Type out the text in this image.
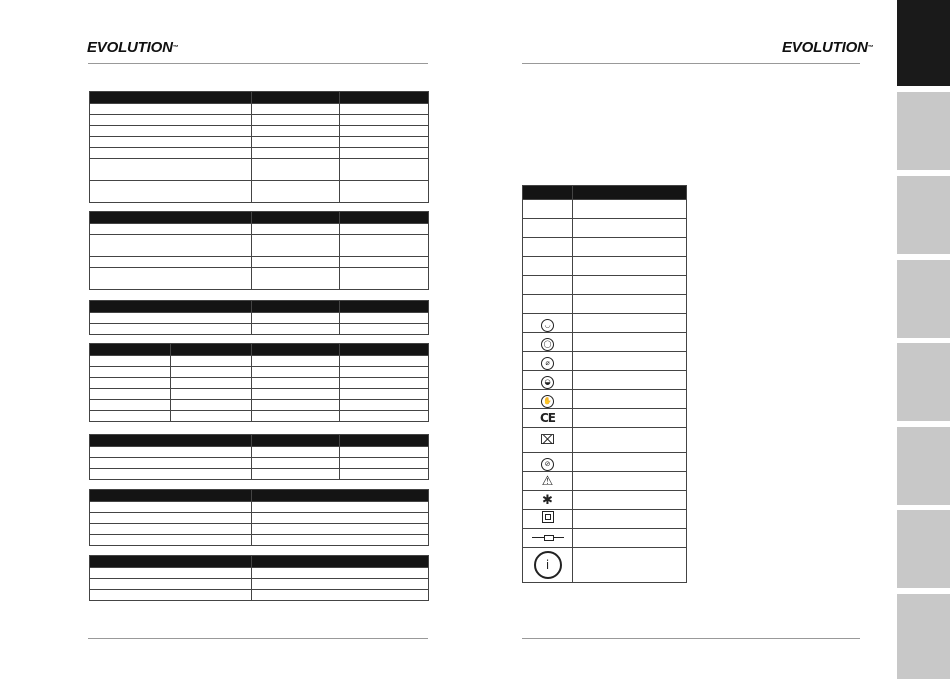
EVOLUTION™	EVOLUTION™

◡	
◯	
⌀	
◒	
✋	
CE	
⌧	
⊘	
⚠	
✱	

i	
